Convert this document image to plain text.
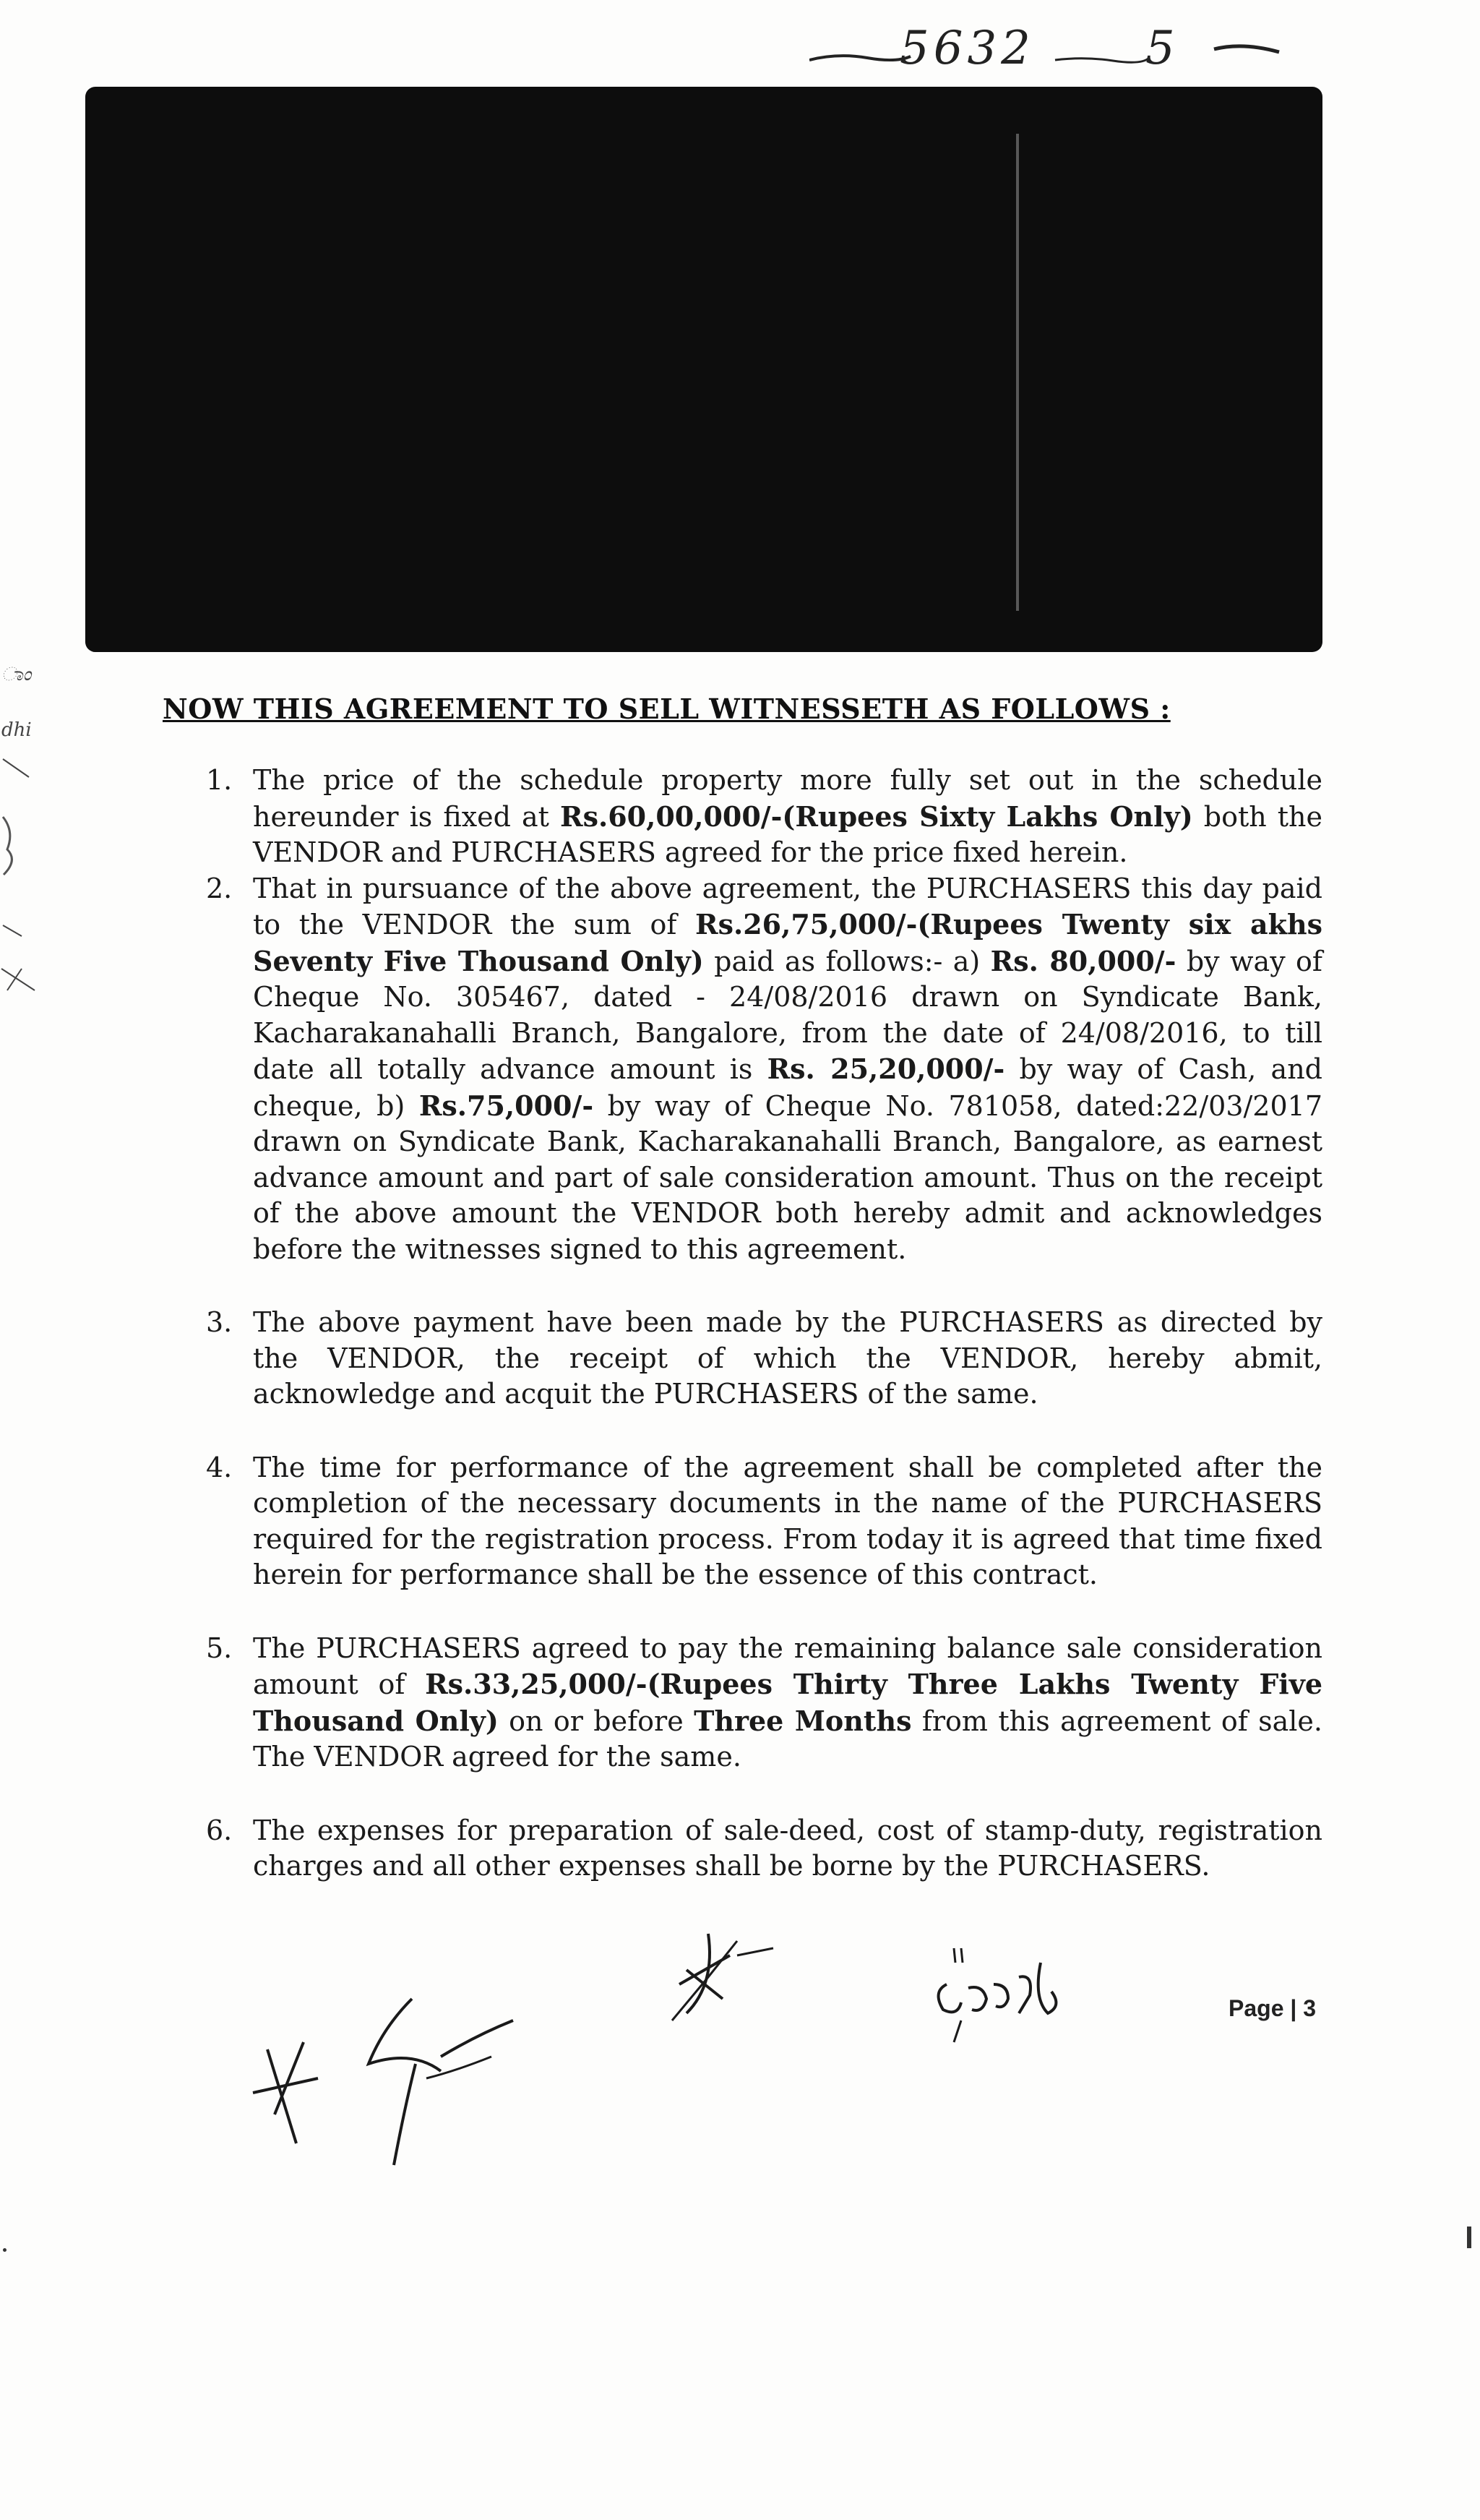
5632 5
ಾಂ
dhi
NOW THIS AGREEMENT TO SELL WITNESSETH AS FOLLOWS :
1. The price of the schedule property more fully set out in the schedule hereunder is fixed at Rs.60,00,000/-(Rupees Sixty Lakhs Only) both the VENDOR and PURCHASERS agreed for the price fixed herein.
2. That in pursuance of the above agreement, the PURCHASERS this day paid to the VENDOR the sum of Rs.26,75,000/-(Rupees Twenty six akhs Seventy Five Thousand Only) paid as follows:- a) Rs. 80,000/- by way of Cheque No. 305467, dated - 24/08/2016 drawn on Syndicate Bank, Kacharakanahalli Branch, Bangalore, from the date of 24/08/2016, to till date all totally advance amount is Rs. 25,20,000/- by way of Cash, and cheque, b) Rs.75,000/- by way of Cheque No. 781058, dated:22/03/2017 drawn on Syndicate Bank, Kacharakanahalli Branch, Bangalore, as earnest advance amount and part of sale consideration amount. Thus on the receipt of the above amount the VENDOR both hereby admit and acknowledges before the witnesses signed to this agreement.
3. The above payment have been made by the PURCHASERS as directed by the VENDOR, the receipt of which the VENDOR, hereby abmit, acknowledge and acquit the PURCHASERS of the same.
4. The time for performance of the agreement shall be completed after the completion of the necessary documents in the name of the PURCHASERS required for the registration process. From today it is agreed that time fixed herein for performance shall be the essence of this contract.
5. The PURCHASERS agreed to pay the remaining balance sale consideration amount of Rs.33,25,000/-(Rupees Thirty Three Lakhs Twenty Five Thousand Only) on or before Three Months from this agreement of sale. The VENDOR agreed for the same.
6. The expenses for preparation of sale-deed, cost of stamp-duty, registration charges and all other expenses shall be borne by the PURCHASERS.
Page | 3
